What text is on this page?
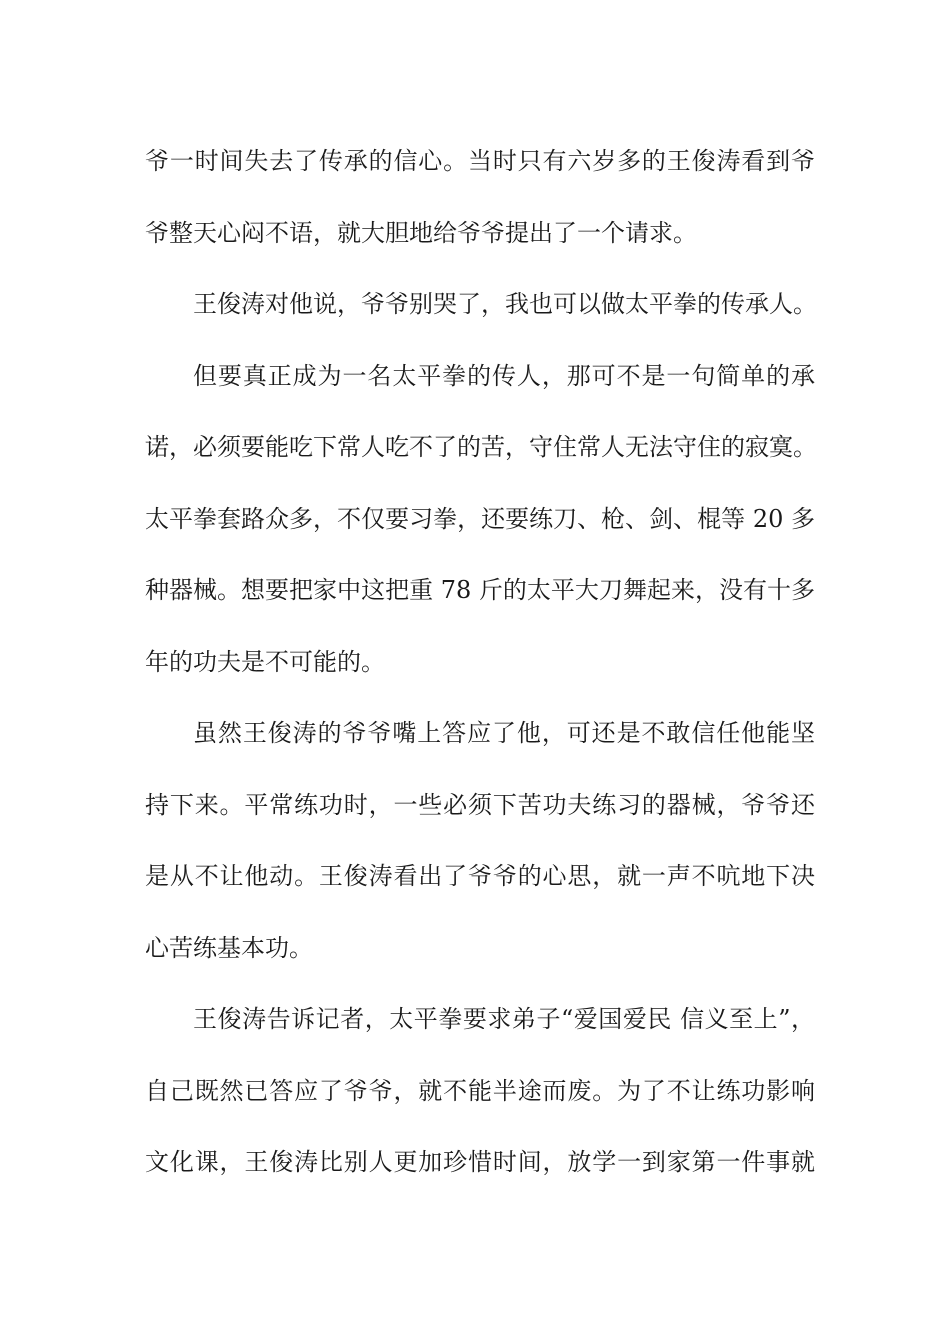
爷一时间失去了传承的信心。当时只有六岁多的王俊涛看到爷
爷整天心闷不语，就大胆地给爷爷提出了一个请求。
王俊涛对他说，爷爷别哭了，我也可以做太平拳的传承人。
但要真正成为一名太平拳的传人，那可不是一句简单的承
诺，必须要能吃下常人吃不了的苦，守住常人无法守住的寂寞。
太平拳套路众多，不仅要习拳，还要练刀、枪、剑、棍等 20 多
种器械。想要把家中这把重 78 斤的太平大刀舞起来，没有十多
年的功夫是不可能的。
虽然王俊涛的爷爷嘴上答应了他，可还是不敢信任他能坚
持下来。平常练功时，一些必须下苦功夫练习的器械，爷爷还
是从不让他动。王俊涛看出了爷爷的心思，就一声不吭地下决
心苦练基本功。
王俊涛告诉记者，太平拳要求弟子“爱国爱民 信义至上”，
自己既然已答应了爷爷，就不能半途而废。为了不让练功影响
文化课，王俊涛比别人更加珍惜时间，放学一到家第一件事就
